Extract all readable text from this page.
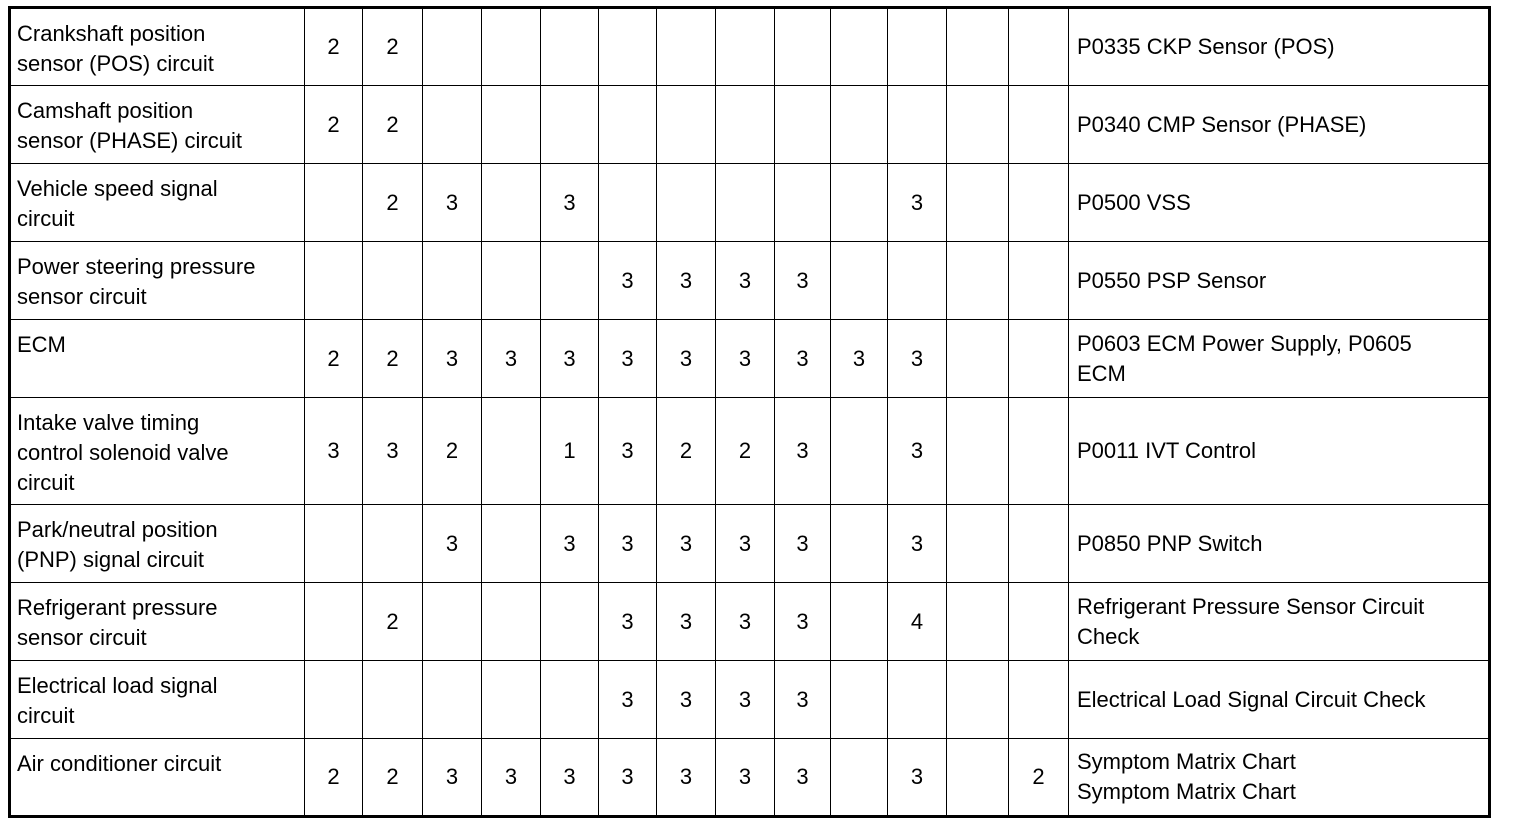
Crankshaft position
sensor (POS) circuit	2	2												P0335 CKP Sensor (POS)

Camshaft position
sensor (PHASE) circuit	2	2												P0340 CMP Sensor (PHASE)

Vehicle speed signal
circuit		2	3		3						3			P0500 VSS

Power steering pressure
sensor circuit						3	3	3	3					P0550 PSP Sensor

ECM	2	2	3	3	3	3	3	3	3	3	3			P0603 ECM Power Supply, P0605
ECM

Intake valve timing
control solenoid valve
circuit	3	3	2		1	3	2	2	3		3			P0011 IVT Control

Park/neutral position
(PNP) signal circuit			3		3	3	3	3	3		3			P0850 PNP Switch

Refrigerant pressure
sensor circuit		2				3	3	3	3		4			Refrigerant Pressure Sensor Circuit
Check

Electrical load signal
circuit						3	3	3	3					Electrical Load Signal Circuit Check

Air conditioner circuit	2	2	3	3	3	3	3	3	3		3		2	Symptom Matrix Chart
Symptom Matrix Chart
